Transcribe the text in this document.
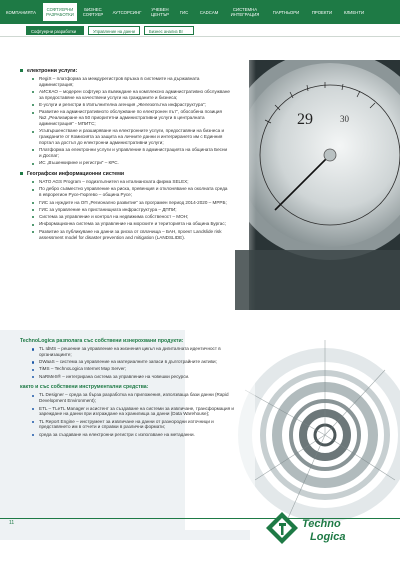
КОМПАНИЯТА	СОФТУЕРНИ РАЗРАБОТКИ
БИЗНЕС СОФТУЕР	АУТСОРСИНГ	УЧЕБЕН ЦЕНТЪР	ГИС	CADCAM	СИСТЕМНА ИНТЕГРАЦИЯ	ПАРТНЬОРИ	ПРОЕКТИ	КЛИЕНТИ
Софтуерни разработки	Управление на данни	Бизнес анализ BI
29	30
електронни услуги:
RegiX – платформа за междурегистров връзка в системите на държавната администрация;
АИСКАО – модерен софтуер за въвеждане на комплексно административно обслужване за предоставяне на качествени услуги на гражданите и бизнеса;
E-услуги и регистри в Изпълнителна агенция „Железопътна инфраструктура“;
Развитие на административното обслужване по електронен път", обособена позиция №2 „Реализиране на 50 приоритетни административни услуги в централната администрация“ - МПИТС;
Усъвършенстване и разширяване на електронните услуги, предоставяни на бизнеса и гражданите от Комисията за защита на личните данни и интегрирането им с Единния портал за достъп до електронни административни услуги;
Платформа за електронни услуги и управление в администрацията на общината Бесни и Доспат;
ИС „Въшенкирине и регистри“ – КРС.
Географски информационни системи
NATO AGS Program – подизпълнител на италианската фирма SELEX;
По дебро съвместно управление на риска, превенция и отклоняване на околната среда в еврорегион Русе-Гюргево – община Русе;
ГИС за нуждите на ОП „Регионално развитие“ за програмен период 2014-2020 – МРРБ;
ГИС за управление на пристанищната инфраструктура – ДППИ;
Система за управление и контрол на недвижима собственост – МОН;
Информационна система за управление на морските и територията на община Бургас;
Развитие за публикуване на данни за риска от свлачища – БАН, проект Landslide risk assessment model for disaster prevention and mitigation (LANDSLIDE).
TechnoLogica разполага със собствени изнерохвани продукти:
TL IdMS – решение за управление на жизнения цикъл на дигиталната идентичност в организациите;
DWaaS – система за управление на материалните запаси в дълготрайните активи;
TiMS – TechnoLogica Internet Map Server;
NaRMeS® – интегрирана система за управление на човешки ресурси.
както и със собствени инструментални средства:
TL Designer – среда за бърза разработка на приложения, използваща бази данни (Rapid Development Environment);
ETL – TLeTL Manager и асистент за създаване на системи за извличане, трансформация и зареждане на данни при изграждане на хранилища за данни (Data Warehouse);
TL Report Engine – инструмент за извличане на данни от разнородни източници и представянето им в отчети и справки в различни формати;
среда за създаване на електронни регистри с използване на метаданни.
11	Techno
Logica
